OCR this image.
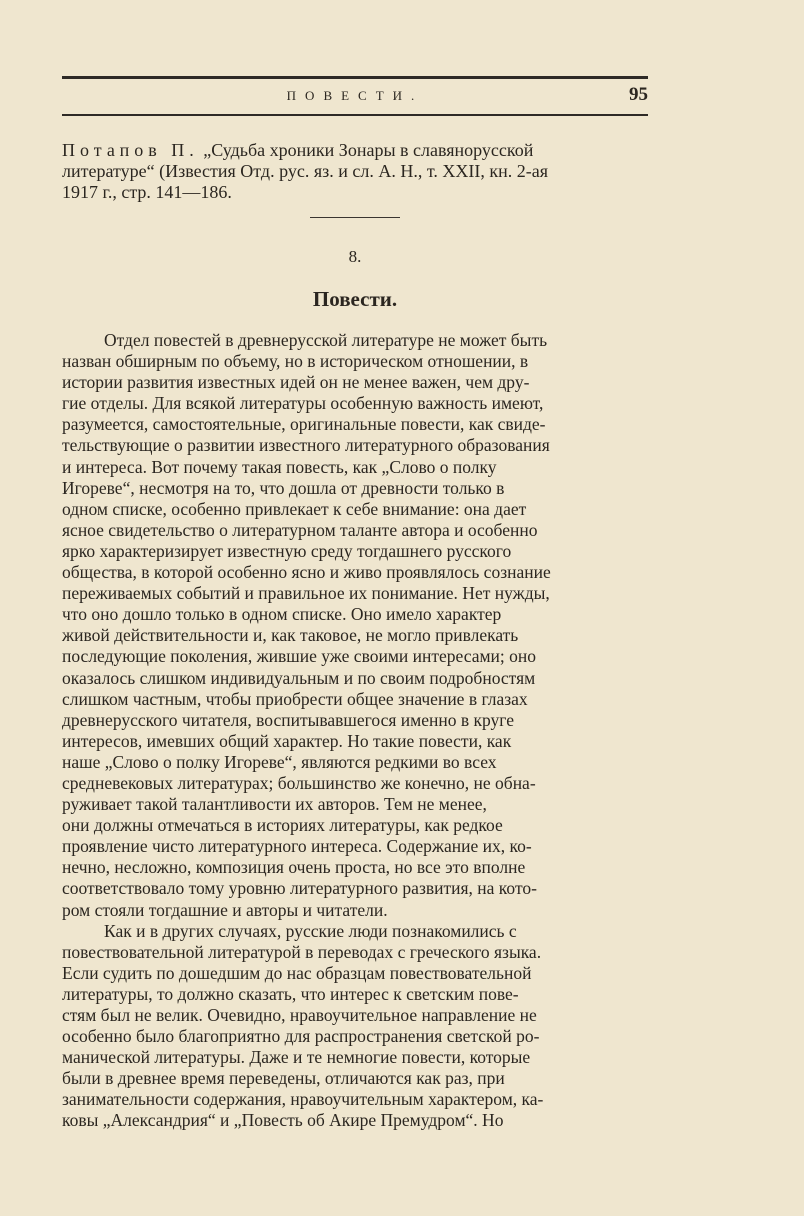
ПОВЕСТИ.	95
Потапов П. „Судьба хроники Зонары в славянорусской
литературе“ (Известия Отд. рус. яз. и сл. А. Н., т. XXII, кн. 2-ая
1917 г., стр. 141—186.
8.
Повести.
Отдел повестей в древнерусской литературе не может быть
назван обширным по объему, но в историческом отношении, в
истории развития известных идей он не менее важен, чем дру-
гие отделы. Для всякой литературы особенную важность имеют,
разумеется, самостоятельные, оригинальные повести, как свиде-
тельствующие о развитии известного литературного образования
и интереса. Вот почему такая повесть, как „Слово о полку
Игореве“, несмотря на то, что дошла от древности только в
одном списке, особенно привлекает к себе внимание: она дает
ясное свидетельство о литературном таланте автора и особенно
ярко характеризирует известную среду тогдашнего русского
общества, в которой особенно ясно и живо проявлялось сознание
переживаемых событий и правильное их понимание. Нет нужды,
что оно дошло только в одном списке. Оно имело характер
живой действительности и, как таковое, не могло привлекать
последующие поколения, жившие уже своими интересами; оно
оказалось слишком индивидуальным и по своим подробностям
слишком частным, чтобы приобрести общее значение в глазах
древнерусского читателя, воспитывавшегося именно в круге
интересов, имевших общий характер. Но такие повести, как
наше „Слово о полку Игореве“, являются редкими во всех
средневековых литературах; большинство же конечно, не обна-
руживает такой талантливости их авторов. Тем не менее,
они должны отмечаться в историях литературы, как редкое
проявление чисто литературного интереса. Содержание их, ко-
нечно, несложно, композиция очень проста, но все это вполне
соответствовало тому уровню литературного развития, на кото-
ром стояли тогдашние и авторы и читатели.
Как и в других случаях, русские люди познакомились с
повествовательной литературой в переводах с греческого языка.
Если судить по дошедшим до нас образцам повествовательной
литературы, то должно сказать, что интерес к светским пове-
стям был не велик. Очевидно, нравоучительное направление не
особенно было благоприятно для распространения светской ро-
манической литературы. Даже и те немногие повести, которые
были в древнее время переведены, отличаются как раз, при
занимательности содержания, нравоучительным характером, ка-
ковы „Александрия“ и „Повесть об Акире Премудром“. Но
